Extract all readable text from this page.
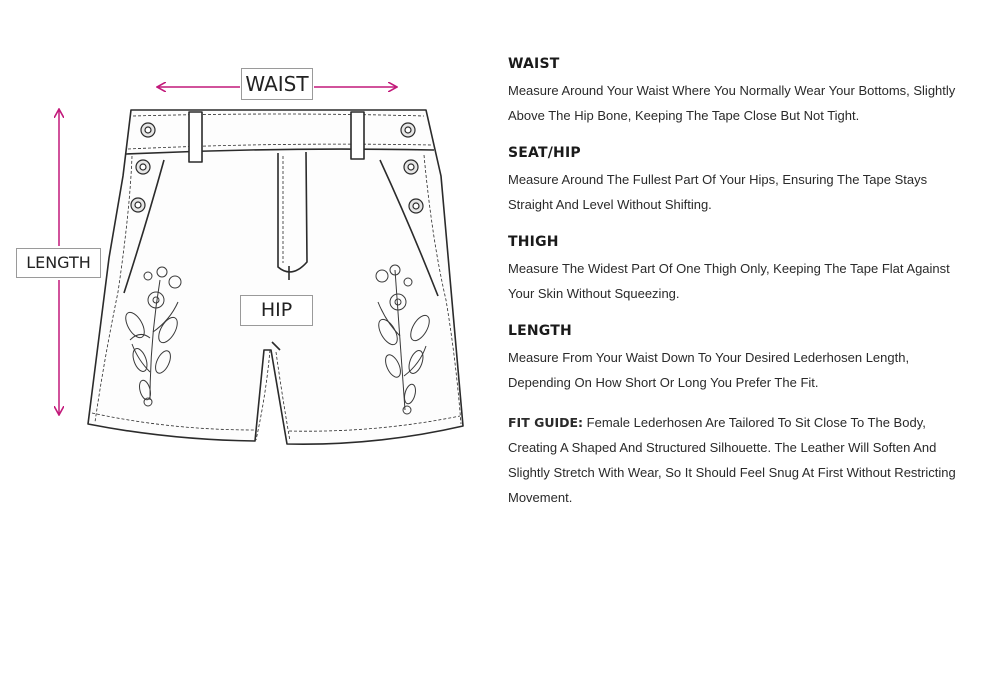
WAIST
LENGTH
HIP
WAIST

Measure Around Your Waist Where You Normally Wear Your Bottoms, Slightly Above The Hip Bone, Keeping The Tape Close But Not Tight.

SEAT/HIP

Measure Around The Fullest Part Of Your Hips, Ensuring The Tape Stays Straight And Level Without Shifting.

THIGH

Measure The Widest Part Of One Thigh Only, Keeping The Tape Flat Against Your Skin Without Squeezing.

LENGTH

Measure From Your Waist Down To Your Desired Lederhosen Length, Depending On How Short Or Long You Prefer The Fit.

FIT GUIDE: Female Lederhosen Are Tailored To Sit Close To The Body, Creating A Shaped And Structured Silhouette. The Leather Will Soften And Slightly Stretch With Wear, So It Should Feel Snug At First Without Restricting Movement.
